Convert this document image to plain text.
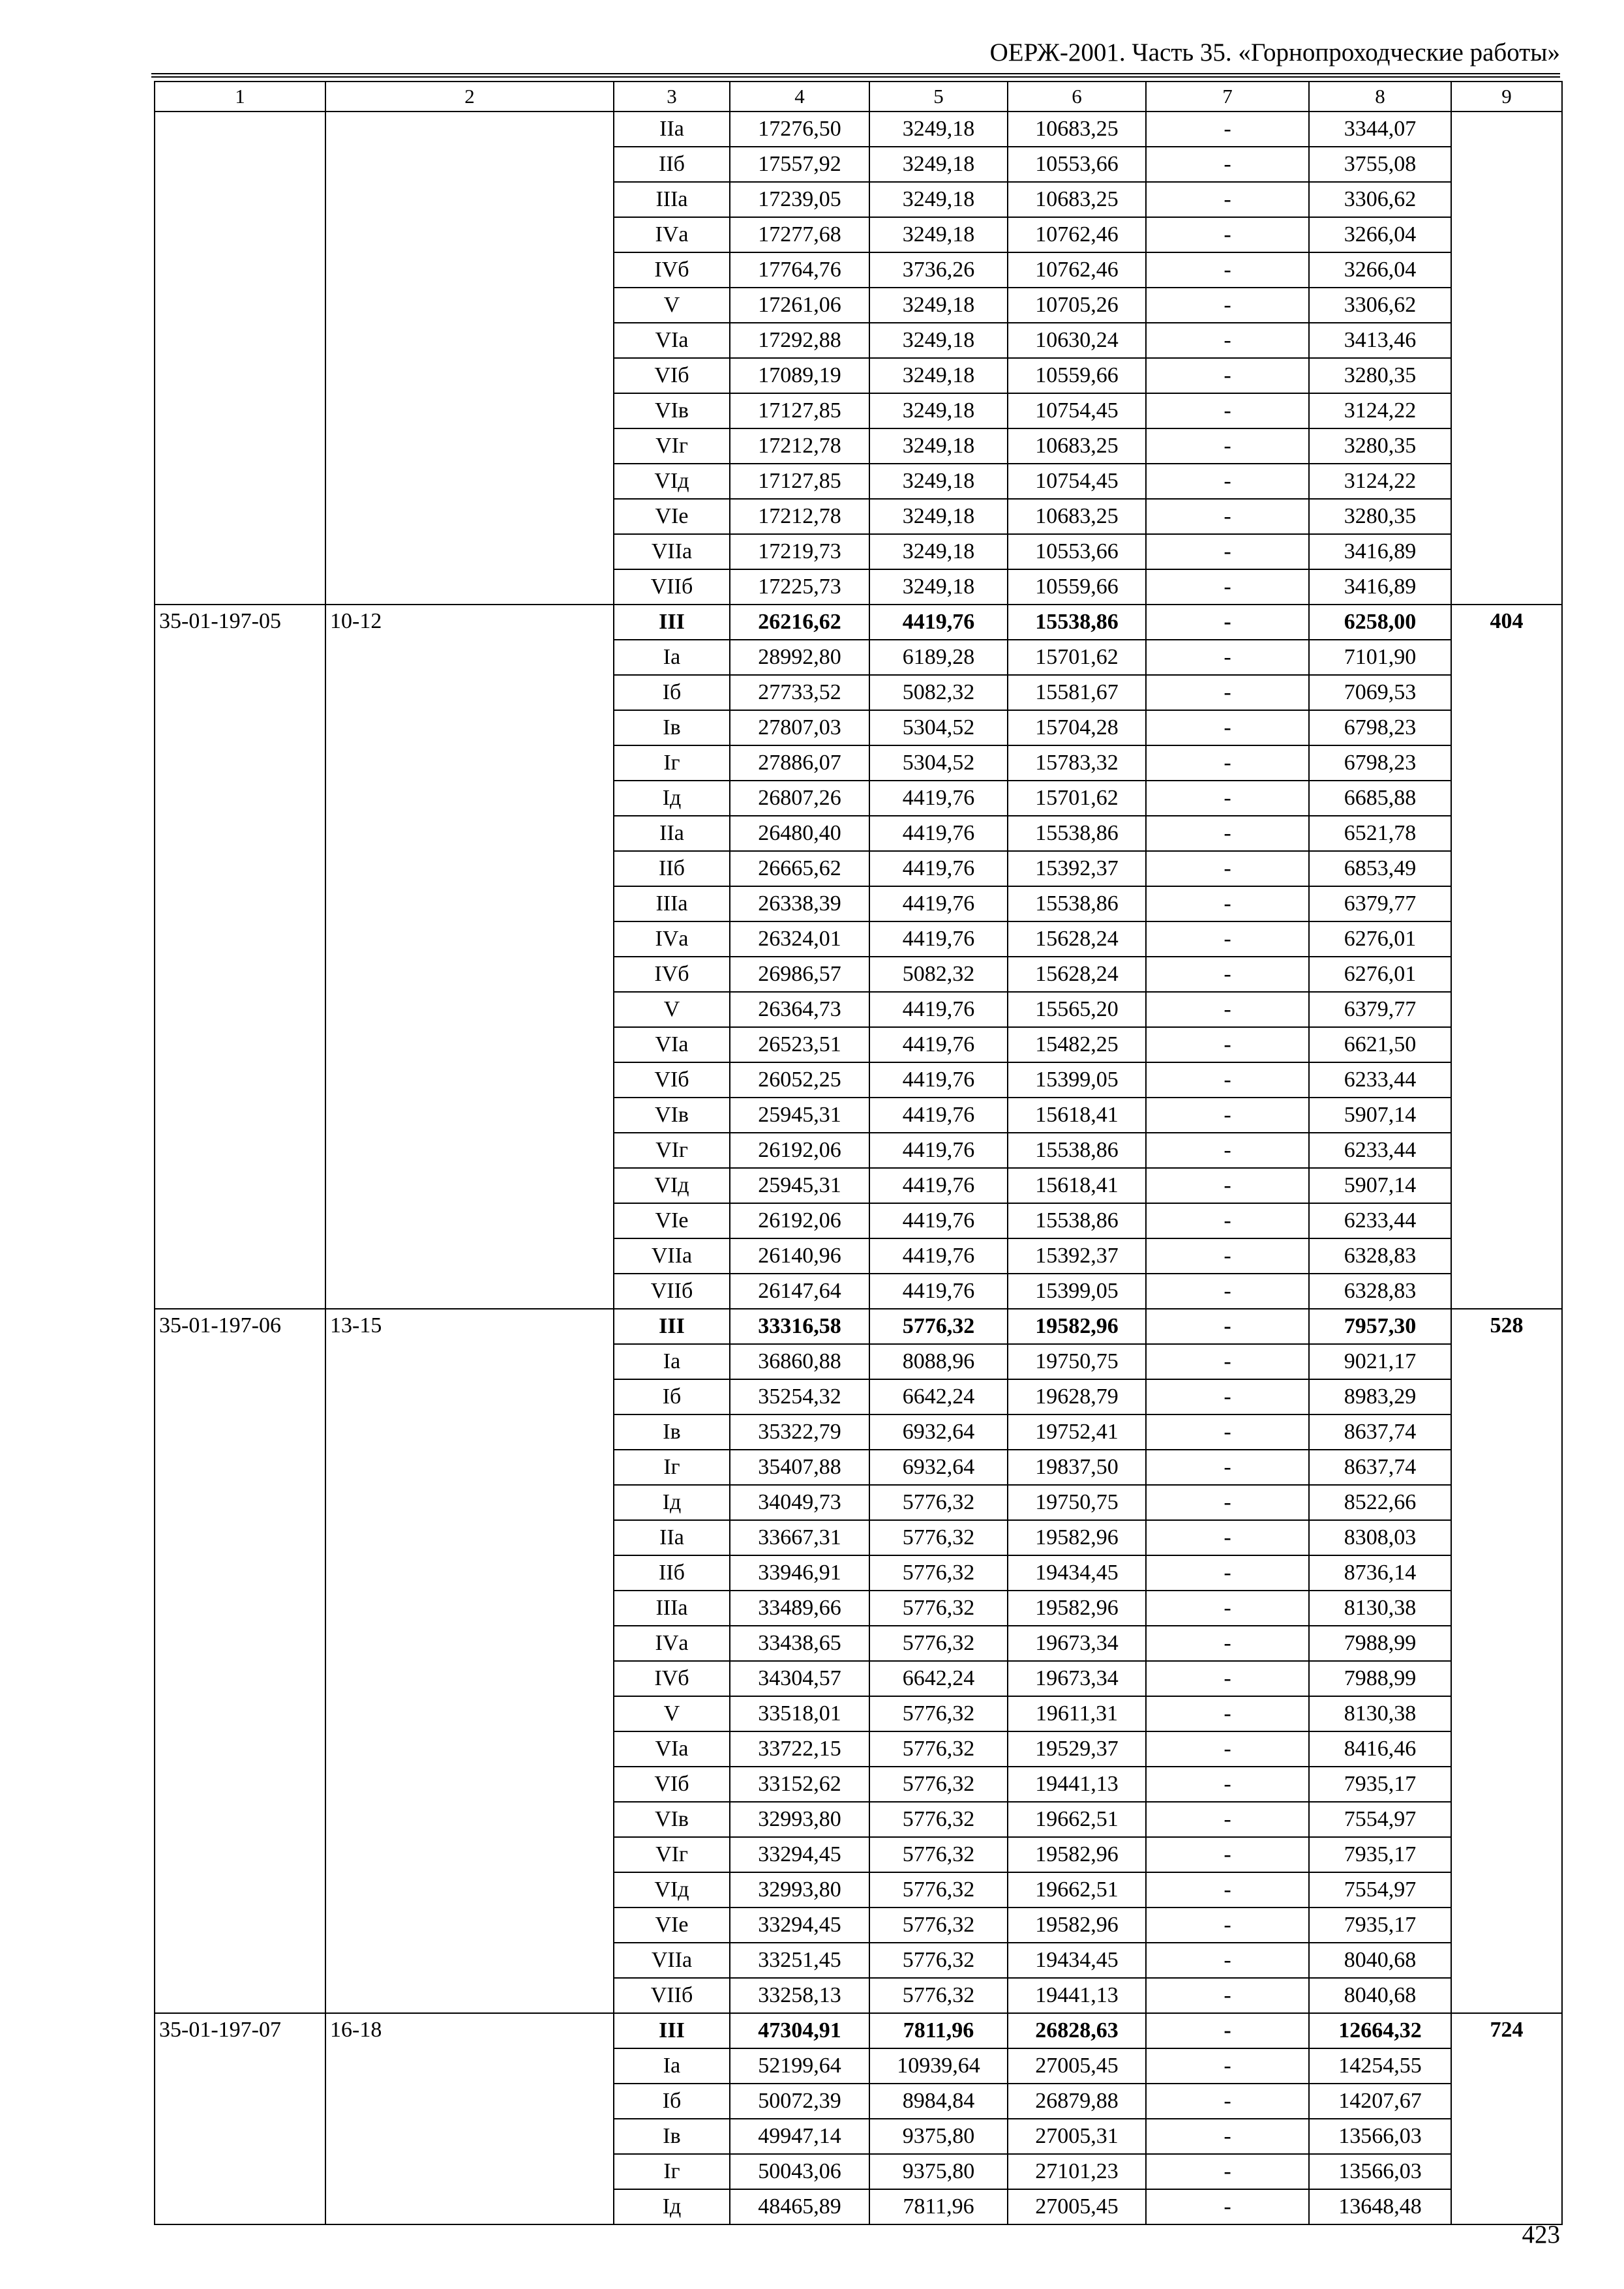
ОЕРЖ-2001. Часть 35. «Горнопроходческие работы»
1	2	3	4	5	6	7	8	9
		IIа	17276,50	3249,18	10683,25	-	3344,07	
		IIб	17557,92	3249,18	10553,66	-	3755,08	
		IIIа	17239,05	3249,18	10683,25	-	3306,62	
		IVа	17277,68	3249,18	10762,46	-	3266,04	
		IVб	17764,76	3736,26	10762,46	-	3266,04	
		V	17261,06	3249,18	10705,26	-	3306,62	
		VIа	17292,88	3249,18	10630,24	-	3413,46	
		VIб	17089,19	3249,18	10559,66	-	3280,35	
		VIв	17127,85	3249,18	10754,45	-	3124,22	
		VIг	17212,78	3249,18	10683,25	-	3280,35	
		VIд	17127,85	3249,18	10754,45	-	3124,22	
		VIе	17212,78	3249,18	10683,25	-	3280,35	
		VIIа	17219,73	3249,18	10553,66	-	3416,89	
		VIIб	17225,73	3249,18	10559,66	-	3416,89	
35-01-197-05	10-12	III	26216,62	4419,76	15538,86	-	6258,00	404
		Iа	28992,80	6189,28	15701,62	-	7101,90	
		Iб	27733,52	5082,32	15581,67	-	7069,53	
		Iв	27807,03	5304,52	15704,28	-	6798,23	
		Iг	27886,07	5304,52	15783,32	-	6798,23	
		Iд	26807,26	4419,76	15701,62	-	6685,88	
		IIа	26480,40	4419,76	15538,86	-	6521,78	
		IIб	26665,62	4419,76	15392,37	-	6853,49	
		IIIа	26338,39	4419,76	15538,86	-	6379,77	
		IVа	26324,01	4419,76	15628,24	-	6276,01	
		IVб	26986,57	5082,32	15628,24	-	6276,01	
		V	26364,73	4419,76	15565,20	-	6379,77	
		VIа	26523,51	4419,76	15482,25	-	6621,50	
		VIб	26052,25	4419,76	15399,05	-	6233,44	
		VIв	25945,31	4419,76	15618,41	-	5907,14	
		VIг	26192,06	4419,76	15538,86	-	6233,44	
		VIд	25945,31	4419,76	15618,41	-	5907,14	
		VIе	26192,06	4419,76	15538,86	-	6233,44	
		VIIа	26140,96	4419,76	15392,37	-	6328,83	
		VIIб	26147,64	4419,76	15399,05	-	6328,83	
35-01-197-06	13-15	III	33316,58	5776,32	19582,96	-	7957,30	528
		Iа	36860,88	8088,96	19750,75	-	9021,17	
		Iб	35254,32	6642,24	19628,79	-	8983,29	
		Iв	35322,79	6932,64	19752,41	-	8637,74	
		Iг	35407,88	6932,64	19837,50	-	8637,74	
		Iд	34049,73	5776,32	19750,75	-	8522,66	
		IIа	33667,31	5776,32	19582,96	-	8308,03	
		IIб	33946,91	5776,32	19434,45	-	8736,14	
		IIIа	33489,66	5776,32	19582,96	-	8130,38	
		IVа	33438,65	5776,32	19673,34	-	7988,99	
		IVб	34304,57	6642,24	19673,34	-	7988,99	
		V	33518,01	5776,32	19611,31	-	8130,38	
		VIа	33722,15	5776,32	19529,37	-	8416,46	
		VIб	33152,62	5776,32	19441,13	-	7935,17	
		VIв	32993,80	5776,32	19662,51	-	7554,97	
		VIг	33294,45	5776,32	19582,96	-	7935,17	
		VIд	32993,80	5776,32	19662,51	-	7554,97	
		VIе	33294,45	5776,32	19582,96	-	7935,17	
		VIIа	33251,45	5776,32	19434,45	-	8040,68	
		VIIб	33258,13	5776,32	19441,13	-	8040,68	
35-01-197-07	16-18	III	47304,91	7811,96	26828,63	-	12664,32	724
		Iа	52199,64	10939,64	27005,45	-	14254,55	
		Iб	50072,39	8984,84	26879,88	-	14207,67	
		Iв	49947,14	9375,80	27005,31	-	13566,03	
		Iг	50043,06	9375,80	27101,23	-	13566,03	
		Iд	48465,89	7811,96	27005,45	-	13648,48	
423
